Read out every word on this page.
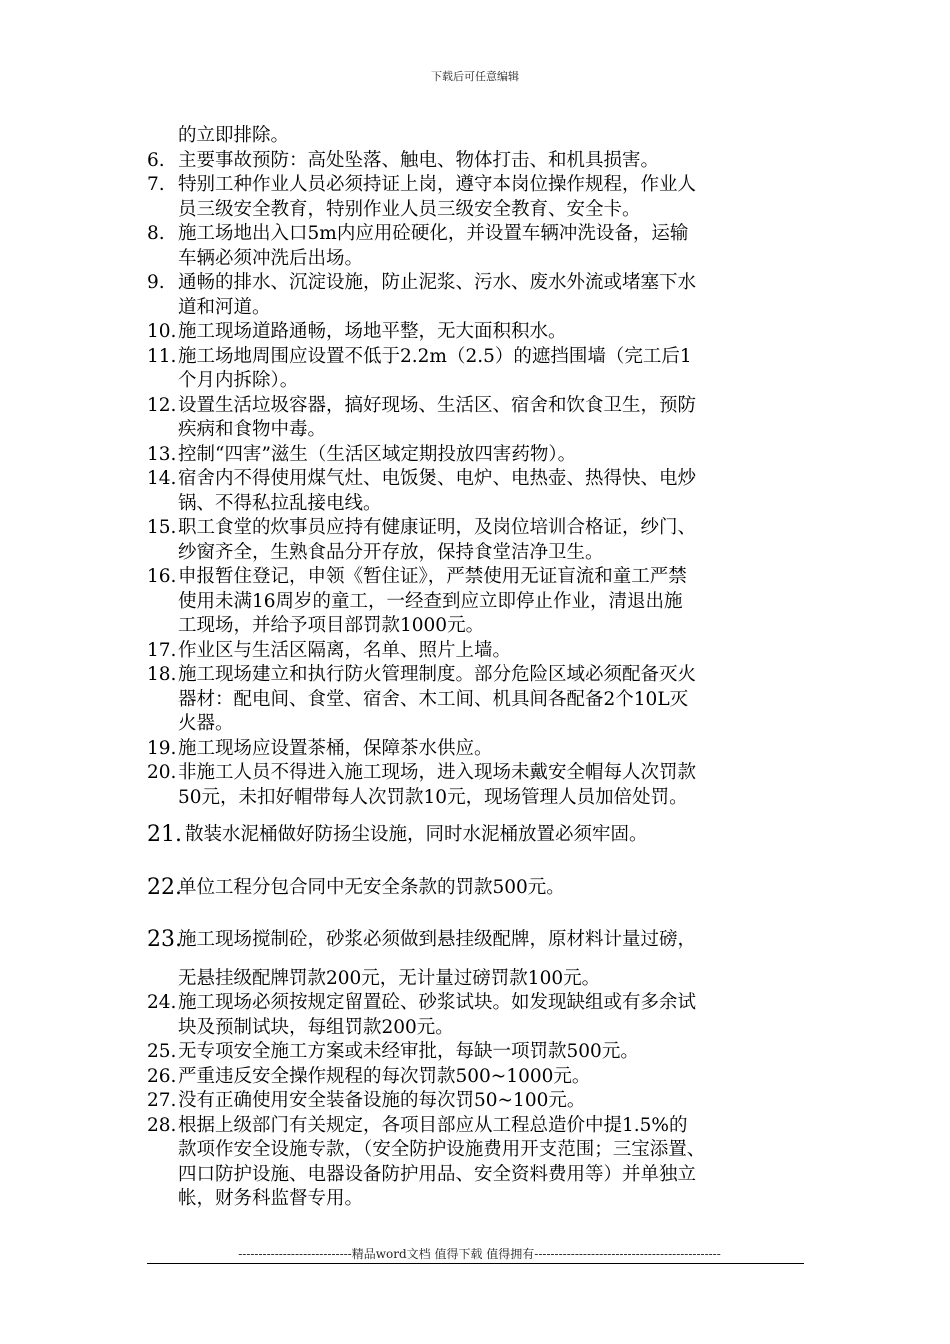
下载后可任意编辑
的立即排除。
6. 主要事故预防：高处坠落、触电、物体打击、和机具损害。
7. 特别工种作业人员必须持证上岗，遵守本岗位操作规程，作业人
员三级安全教育，特别作业人员三级安全教育、安全卡。
8. 施工场地出入口5m内应用砼硬化，并设置车辆冲洗设备，运输
车辆必须冲洗后出场。
9. 通畅的排水、沉淀设施，防止泥浆、污水、废水外流或堵塞下水
道和河道。
10. 施工现场道路通畅，场地平整，无大面积积水。
11. 施工场地周围应设置不低于2.2m（2.5）的遮挡围墙（完工后1
个月内拆除）。
12. 设置生活垃圾容器，搞好现场、生活区、宿舍和饮食卫生，预防
疾病和食物中毒。
13. 控制“四害”滋生（生活区域定期投放四害药物）。
14. 宿舍内不得使用煤气灶、电饭煲、电炉、电热壶、热得快、电炒
锅、不得私拉乱接电线。
15. 职工食堂的炊事员应持有健康证明，及岗位培训合格证，纱门、
纱窗齐全，生熟食品分开存放，保持食堂洁净卫生。
16. 申报暂住登记，申领《暂住证》，严禁使用无证盲流和童工严禁
使用未满16周岁的童工，一经查到应立即停止作业，清退出施
工现场，并给予项目部罚款1000元。
17. 作业区与生活区隔离，名单、照片上墙。
18. 施工现场建立和执行防火管理制度。部分危险区域必须配备灭火
器材：配电间、食堂、宿舍、木工间、机具间各配备2个10L灭
火器。
19. 施工现场应设置茶桶，保障茶水供应。
20. 非施工人员不得进入施工现场，进入现场未戴安全帽每人次罚款
50元，未扣好帽带每人次罚款10元，现场管理人员加倍处罚。
21. 散装水泥桶做好防扬尘设施，同时水泥桶放置必须牢固。
22.
单位工程分包合同中无安全条款的罚款500元。
23.
施工现场搅制砼，砂浆必须做到悬挂级配牌，原材料计量过磅，
无悬挂级配牌罚款200元，无计量过磅罚款100元。
24. 施工现场必须按规定留置砼、砂浆试块。如发现缺组或有多余试
块及预制试块，每组罚款200元。
25. 无专项安全施工方案或未经审批，每缺一项罚款500元。
26. 严重违反安全操作规程的每次罚款500~1000元。
27. 没有正确使用安全装备设施的每次罚50~100元。
28. 根据上级部门有关规定，各项目部应从工程总造价中提1.5%的
款项作安全设施专款，（安全防护设施费用开支范围；三宝添置、
四口防护设施、电器设备防护用品、安全资料费用等）并单独立
帐，财务科监督专用。
----------------------------精品word文档 值得下载 值得拥有----------------------------------------------
